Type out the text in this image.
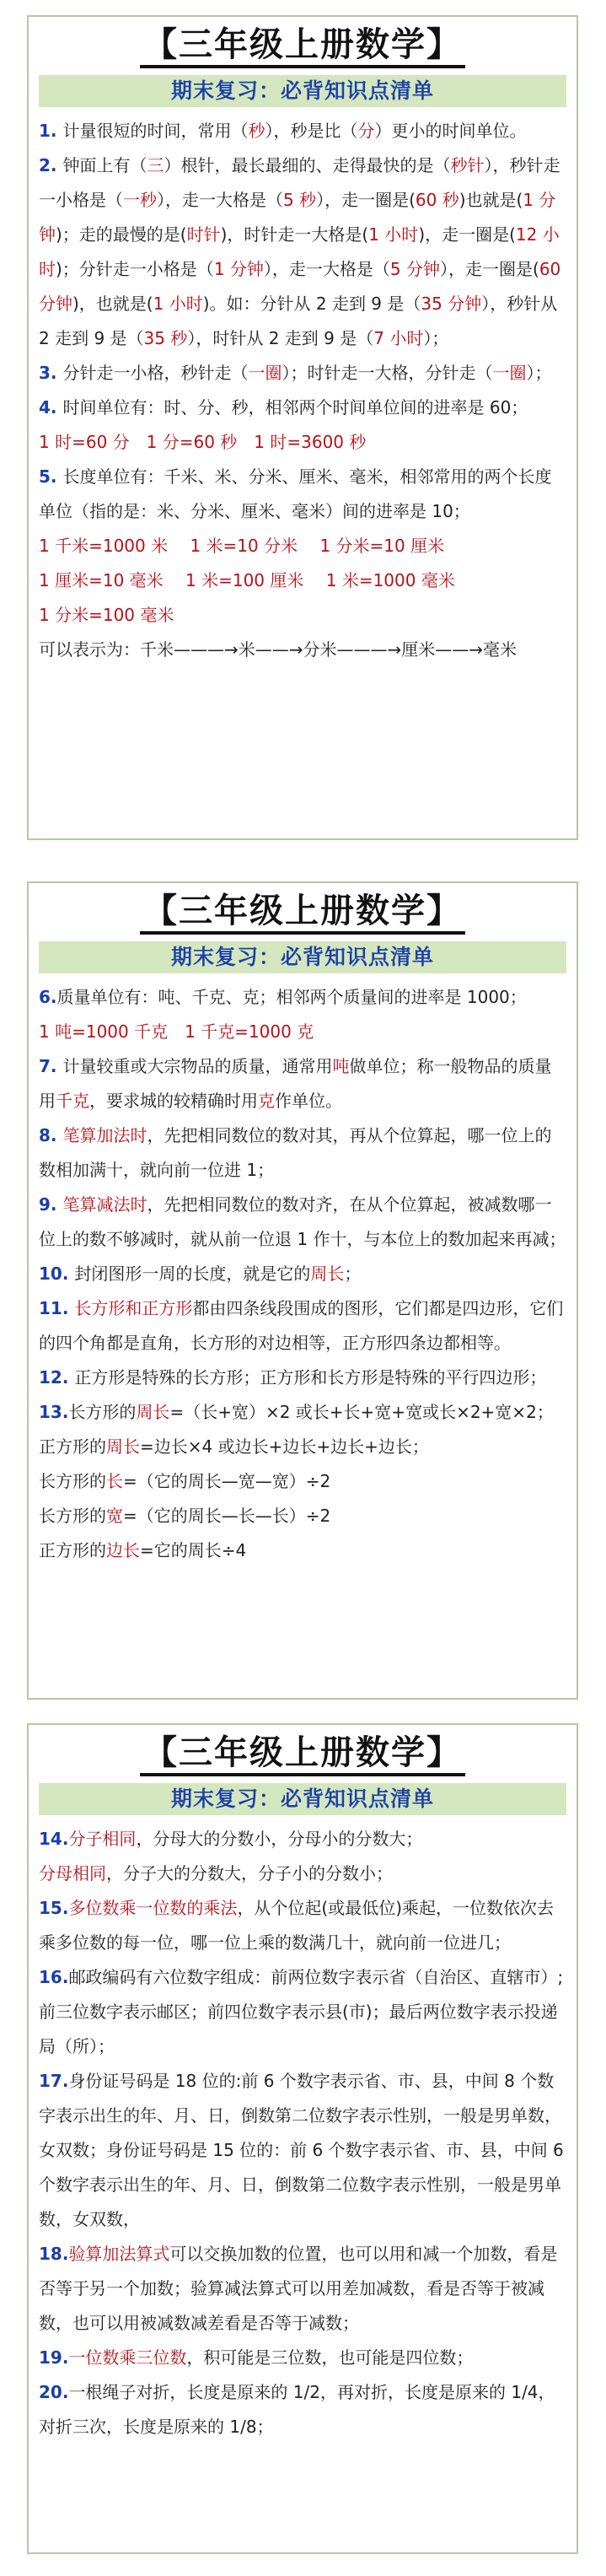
【三年级上册数学】
期末复习：必背知识点清单

1. 计量很短的时间，常用（秒），秒是比（分）更小的时间单位。

2. 钟面上有（三）根针，最长最细的、走得最快的是（秒针），秒针走一小格是（一秒），走一大格是（5 秒），走一圈是(60 秒)也就是(1 分钟)；走的最慢的是(时针)，时针走一大格是(1 小时)，走一圈是(12 小时)；分针走一小格是（1 分钟），走一大格是（5 分钟），走一圈是(60 分钟)，也就是(1 小时)。如：分针从 2 走到 9 是（35 分钟），秒针从 2 走到 9 是（35 秒），时针从 2 走到 9 是（7 小时）；

3. 分针走一小格，秒针走（一圈）；时针走一大格，分针走（一圈）；

4. 时间单位有：时、分、秒，相邻两个时间单位间的进率是 60；

1 时=60 分　1 分=60 秒　1 时=3600 秒

5. 长度单位有：千米、米、分米、厘米、毫米，相邻常用的两个长度单位（指的是：米、分米、厘米、毫米）间的进率是 10；

1 千米=1000 米　 1 米=10 分米　 1 分米=10 厘米

1 厘米=10 毫米　 1 米=100 厘米　 1 米=1000 毫米

1 分米=100 毫米

可以表示为：千米———→米——→分米———→厘米——→毫米

【三年级上册数学】
期末复习：必背知识点清单

6.质量单位有：吨、千克、克；相邻两个质量间的进率是 1000；

1 吨=1000 千克　1 千克=1000 克

7. 计量较重或大宗物品的质量，通常用吨做单位；称一般物品的质量用千克，要求城的较精确时用克作单位。

8. 笔算加法时，先把相同数位的数对其，再从个位算起，哪一位上的数相加满十，就向前一位进 1；

9. 笔算减法时，先把相同数位的数对齐，在从个位算起，被减数哪一位上的数不够减时，就从前一位退 1 作十，与本位上的数加起来再减；

10. 封闭图形一周的长度，就是它的周长；

11. 长方形和正方形都由四条线段围成的图形，它们都是四边形，它们的四个角都是直角，长方形的对边相等，正方形四条边都相等。

12. 正方形是特殊的长方形；正方形和长方形是特殊的平行四边形；

13.长方形的周长=（长+宽）×2 或长+长+宽+宽或长×2+宽×2；

正方形的周长=边长×4 或边长+边长+边长+边长；

长方形的长=（它的周长—宽—宽）÷2

长方形的宽=（它的周长—长—长）÷2

正方形的边长=它的周长÷4

【三年级上册数学】
期末复习：必背知识点清单

14.分子相同，分母大的分数小，分母小的分数大；

分母相同，分子大的分数大，分子小的分数小；

15.多位数乘一位数的乘法，从个位起(或最低位)乘起，一位数依次去乘多位数的每一位，哪一位上乘的数满几十，就向前一位进几；

16.邮政编码有六位数字组成：前两位数字表示省（自治区、直辖市）;前三位数字表示邮区；前四位数字表示县(市)；最后两位数字表示投递局（所）；

17.身份证号码是 18 位的:前 6 个数字表示省、市、县，中间 8 个数字表示出生的年、月、日，倒数第二位数字表示性别，一般是男单数，女双数；身份证号码是 15 位的：前 6 个数字表示省、市、县，中间 6 个数字表示出生的年、月、日，倒数第二位数字表示性别，一般是男单数，女双数，

18.验算加法算式可以交换加数的位置，也可以用和减一个加数，看是否等于另一个加数；验算减法算式可以用差加减数，看是否等于被减数，也可以用被减数减差看是否等于减数；

19.一位数乘三位数，积可能是三位数，也可能是四位数；

20.一根绳子对折，长度是原来的 1/2，再对折，长度是原来的 1/4，对折三次，长度是原来的 1/8；
